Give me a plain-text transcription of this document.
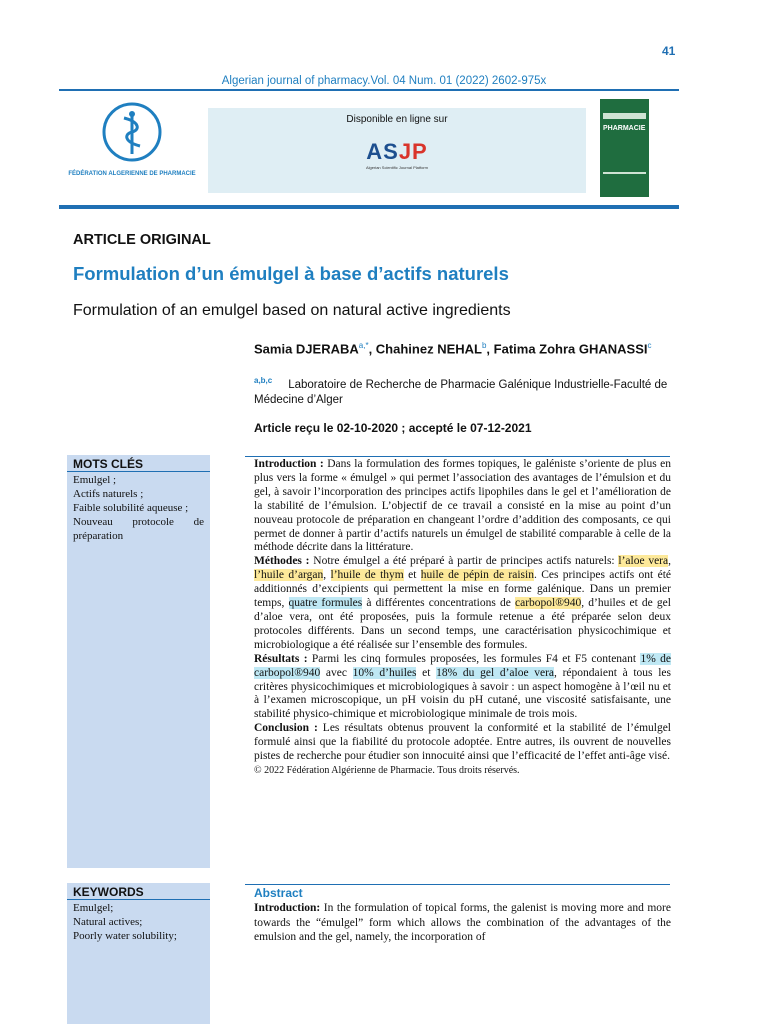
41
Algerian journal of pharmacy.Vol. 04 Num. 01 (2022) 2602-975x
FÉDÉRATION ALGERIENNE DE PHARMACIE
Disponible en ligne sur
ASJP
Algerian Scientific Journal Platform
PHARMACIE
ARTICLE ORIGINAL
Formulation d’un émulgel à base d’actifs naturels
Formulation of an emulgel based on natural active ingredients
Samia $DJERABA^{a,*}$, Chahinez NEHAL$^b$, Fatima Zohra GHANASSI$^c$
$^{a,b,c}$ Laboratoire de Recherche de Pharmacie Galénique Industrielle-Faculté de Médecine d’Alger
Article reçu le 02-10-2020 ; accepté le 07-12-2021
MOTS CLÉS
Emulgel ;
Actifs naturels ;
Faible solubilité aqueuse ;
Nouveau protocole de préparation
Introduction : Dans la formulation des formes topiques, le galéniste s’oriente de plus en plus vers la forme « émulgel » qui permet l’association des avantages de l’émulsion et du gel, à savoir l’incorporation des principes actifs lipophiles dans le gel et l’amélioration de la stabilité de l’émulsion. L’objectif de ce travail a consisté en la mise au point d’un nouveau protocole de préparation en changeant l’ordre d’addition des composants, ce qui permet de donner à partir d’actifs naturels un émulgel de stabilité comparable à celle de la méthode décrite dans la littérature.
Méthodes : Notre émulgel a été préparé à partir de principes actifs naturels: l’aloe vera, l’huile d’argan, l’huile de thym et huile de pépin de raisin. Ces principes actifs ont été additionnés d’excipients qui permettent la mise en forme galénique. Dans un premier temps, quatre formules à différentes concentrations de carbopol®940, d’huiles et de gel d’aloe vera, ont été proposées, puis la formule retenue a été préparée selon deux protocoles différents. Dans un second temps, une caractérisation physicochimique et microbiologique a été réalisée sur l’ensemble des formules.
Résultats : Parmi les cinq formules proposées, les formules F4 et F5 contenant 1% de carbopol®940 avec 10% d’huiles et 18% du gel d’aloe vera, répondaient à tous les critères physicochimiques et microbiologiques à savoir : un aspect homogène à l’œil nu et à l’examen microscopique, un pH voisin du pH cutané, une viscosité satisfaisante, une stabilité physico-chimique et microbiologique minimale de trois mois.
Conclusion : Les résultats obtenus prouvent la conformité et la stabilité de l’émulgel formulé ainsi que la fiabilité du protocole adoptée. Entre autres, ils ouvrent de nouvelles pistes de recherche pour étudier son innocuité ainsi que l’efficacité de l’effet anti-âge visé.
© 2022 Fédération Algérienne de Pharmacie. Tous droits réservés.
KEYWORDS
Emulgel;
Natural actives;
Poorly water solubility;
Abstract
Introduction: In the formulation of topical forms, the galenist is moving more and more towards the “émulgel” form which allows the combination of the advantages of the emulsion and the gel, namely, the incorporation of
